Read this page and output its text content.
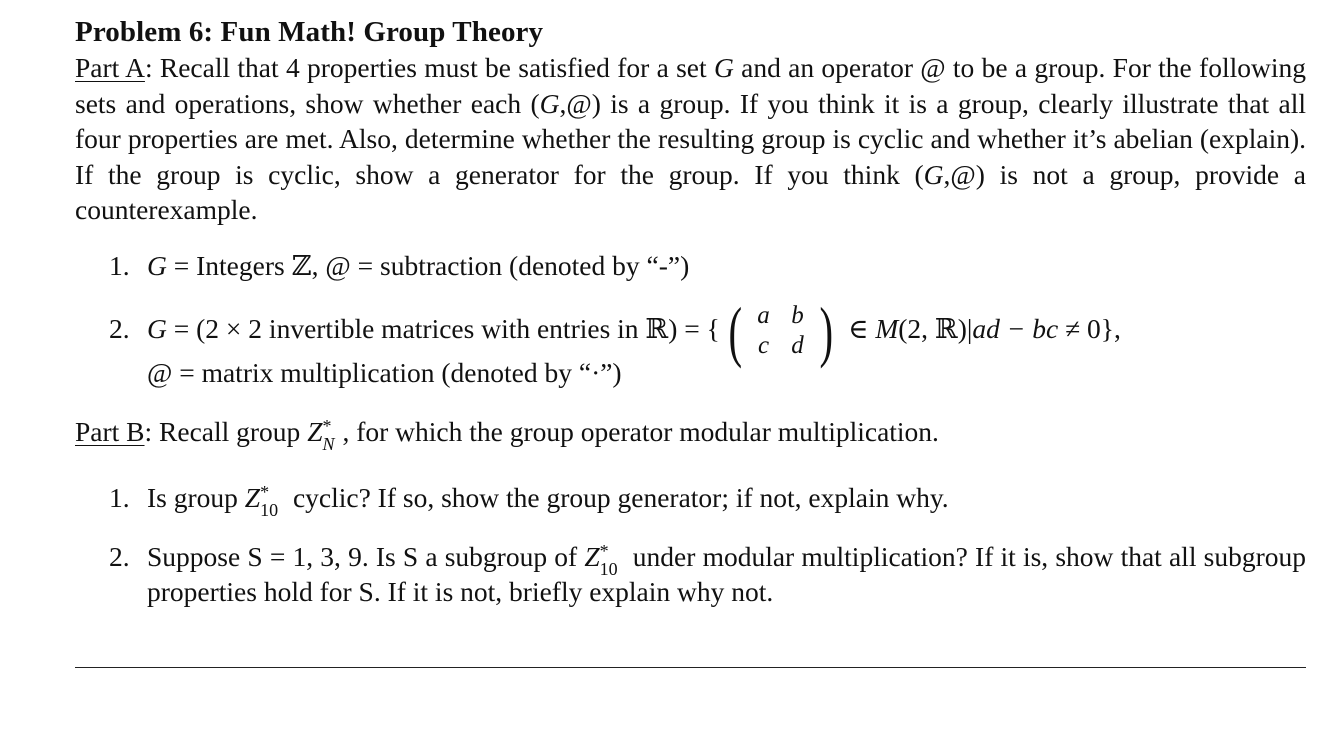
Problem 6: Fun Math! Group Theory

Part A: Recall that 4 properties must be satisfied for a set G and an operator @ to be a group. For the following sets and operations, show whether each (G,@) is a group. If you think it is a group, clearly illustrate that all four properties are met. Also, determine whether the resulting group is cyclic and whether it’s abelian (explain). If the group is cyclic, show a generator for the group. If you think (G,@) is not a group, provide a counterexample.

1. G = Integers ℤ, @ = subtraction (denoted by “-”)
2. G = (2 × 2 invertible matrices with entries in ℝ) = { ( a b
c d ) ∈ M(2, ℝ)|ad − bc ≠ 0},
@ = matrix multiplication (denoted by “·”)

Part B: Recall group Z *
N , for which the group operator modular multiplication.

1. Is group Z *
10 cyclic? If so, show the group generator; if not, explain why.
2. Suppose S = 1, 3, 9. Is S a subgroup of Z *
10 under modular multiplication? If it is, show that all subgroup properties hold for S. If it is not, briefly explain why not.
